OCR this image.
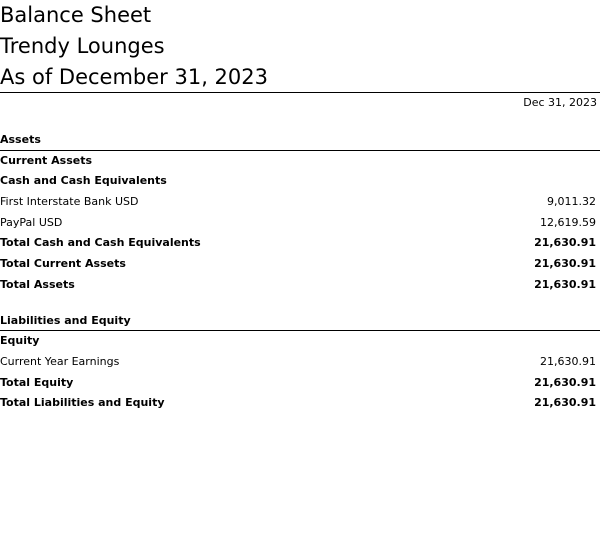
Balance Sheet
Trendy Lounges
As of December 31, 2023
Dec 31, 2023
Assets
Current Assets
Cash and Cash Equivalents
First Interstate Bank USD	9,011.32
PayPal USD	12,619.59
Total Cash and Cash Equivalents	21,630.91
Total Current Assets	21,630.91
Total Assets	21,630.91
Liabilities and Equity
Equity
Current Year Earnings	21,630.91
Total Equity	21,630.91
Total Liabilities and Equity	21,630.91
